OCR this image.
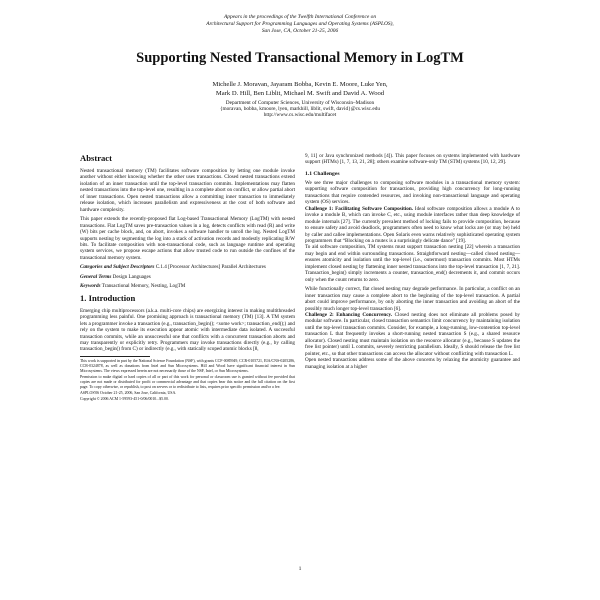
Appears in the proceedings of the Twelfth International Conference on
Architectural Support for Programming Languages and Operating Systems (ASPLOS),
San Jose, CA, October 21-25, 2006
Supporting Nested Transactional Memory in LogTM
Michelle J. Moravan, Jayaram Bobba, Kevin E. Moore, Luke Yen,
Mark D. Hill, Ben Liblit, Michael M. Swift and David A. Wood
Department of Computer Sciences, University of Wisconsin–Madison
{moravan, bobba, kmoore, lyen, markhill, liblit, swift, david}@cs.wisc.edu
http://www.cs.wisc.edu/multifacet
Abstract

Nested transactional memory (TM) facilitates software composition by letting one module invoke another without either knowing whether the other uses transactions. Closed nested transactions extend isolation of an inner transaction until the top-level transaction commits. Implementations may flatten nested transactions into the top-level one, resulting in a complete abort on conflict, or allow partial abort of inner transactions. Open nested transactions allow a committing inner transaction to immediately release isolation, which increases parallelism and expressiveness at the cost of both software and hardware complexity.

This paper extends the recently-proposed flat Log-based Transactional Memory (LogTM) with nested transactions. Flat LogTM saves pre-transaction values in a log, detects conflicts with read (R) and write (W) bits per cache block, and, on abort, invokes a software handler to unroll the log. Nested LogTM supports nesting by segmenting the log into a stack of activation records and modestly replicating R/W bits. To facilitate composition with non-transactional code, such as language runtime and operating system services, we propose escape actions that allow trusted code to run outside the confines of the transactional memory system.

Categories and Subject Descriptors C.1.4 [Processor Architectures] Parallel Architectures

General Terms Design Languages

Keywords Transactional Memory, Nesting, LogTM

1. Introduction

Emerging chip multiprocessors (a.k.a. multi-core chips) are energizing interest in making multithreaded programming less painful. One promising approach is transactional memory (TM) [13]. A TM system lets a programmer invoke a transaction (e.g., transaction_begin(); <some work>; transaction_end();) and rely on the system to make its execution appear atomic with intermediate data isolated. A successful transaction commits, while an unsuccessful one that conflicts with a concurrent transaction aborts and may transparently or explicitly retry. Programmers may invoke transactions directly (e.g., by calling transaction_begin() from C) or indirectly (e.g., with statically scoped atomic blocks [8,

This work is supported in part by the National Science Foundation (NSF), with grants CCF-0085949, CCR-0105721, EIA/CNS-0205286, CCR-0324878, as well as donations from Intel and Sun Microsystems. Hill and Wood have significant financial interest in Sun Microsystems. The views expressed herein are not necessarily those of the NSF, Intel, or Sun Microsystems.

Permission to make digital or hard copies of all or part of this work for personal or classroom use is granted without fee provided that copies are not made or distributed for profit or commercial advantage and that copies bear this notice and the full citation on the first page. To copy otherwise, or republish, to post on servers or to redistribute to lists, requires prior specific permission and/or a fee.

ASPLOS'06 October 21-25, 2006, San Jose, California, USA.

Copyright © 2006 ACM 1-59593-451-0/06/0010...$5.00.

9, 11] or Java synchronized methods [4]). This paper focuses on systems implemented with hardware support (HTMs) [1, 7, 13, 21, 28]; others examine software-only TM (STM) systems [10, 12, 29].

1.1 Challenges

We see three major challenges to composing software modules in a transactional memory system: supporting software composition for transactions, providing high concurrency for long-running transactions that require contended resources, and invoking non-transactional language and operating system (OS) services.

Challenge 1: Facilitating Software Composition. Ideal software composition allows a module A to invoke a module B, which can invoke C, etc., using module interfaces rather than deep knowledge of module internals [27]. The currently prevalent method of locking fails to provide composition, because to ensure safety and avoid deadlock, programmers often need to know what locks are (or may be) held by caller and callee implementations. Open Solaris even warns relatively sophisticated operating system programmers that “Blocking on a mutex is a surprisingly delicate dance” [19].

To aid software composition, TM systems must support transaction nesting [22] wherein a transaction may begin and end within surrounding transactions. Straightforward nesting—called closed nesting—ensures atomicity and isolation until the top-level (i.e., outermost) transaction commits. Most HTMs implement closed nesting by flattening inner nested transactions into the top-level transaction [1, 7, 21]. Transaction_begin() simply increments a counter, transaction_end() decrements it, and commit occurs only when the count returns to zero.

While functionally correct, flat closed nesting may degrade performance. In particular, a conflict on an inner transaction may cause a complete abort to the beginning of the top-level transaction. A partial abort could improve performance, by only aborting the inner transaction and avoiding an abort of the possibly much longer top-level transaction [6].

Challenge 2: Enhancing Concurrency. Closed nesting does not eliminate all problems posed by modular software. In particular, closed transaction semantics limit concurrency by maintaining isolation until the top-level transaction commits. Consider, for example, a long-running, low-contention top-level transaction L that frequently invokes a short-running nested transaction S (e.g., a shared resource allocator). Closed nesting must maintain isolation on the resource allocator (e.g., because S updates the free list pointer) until L commits, severely restricting parallelism. Ideally, S should release the free list pointer, etc., so that other transactions can access the allocator without conflicting with transaction L.

Open nested transactions address some of the above concerns by relaxing the atomicity guarantee and managing isolation at a higher

1
